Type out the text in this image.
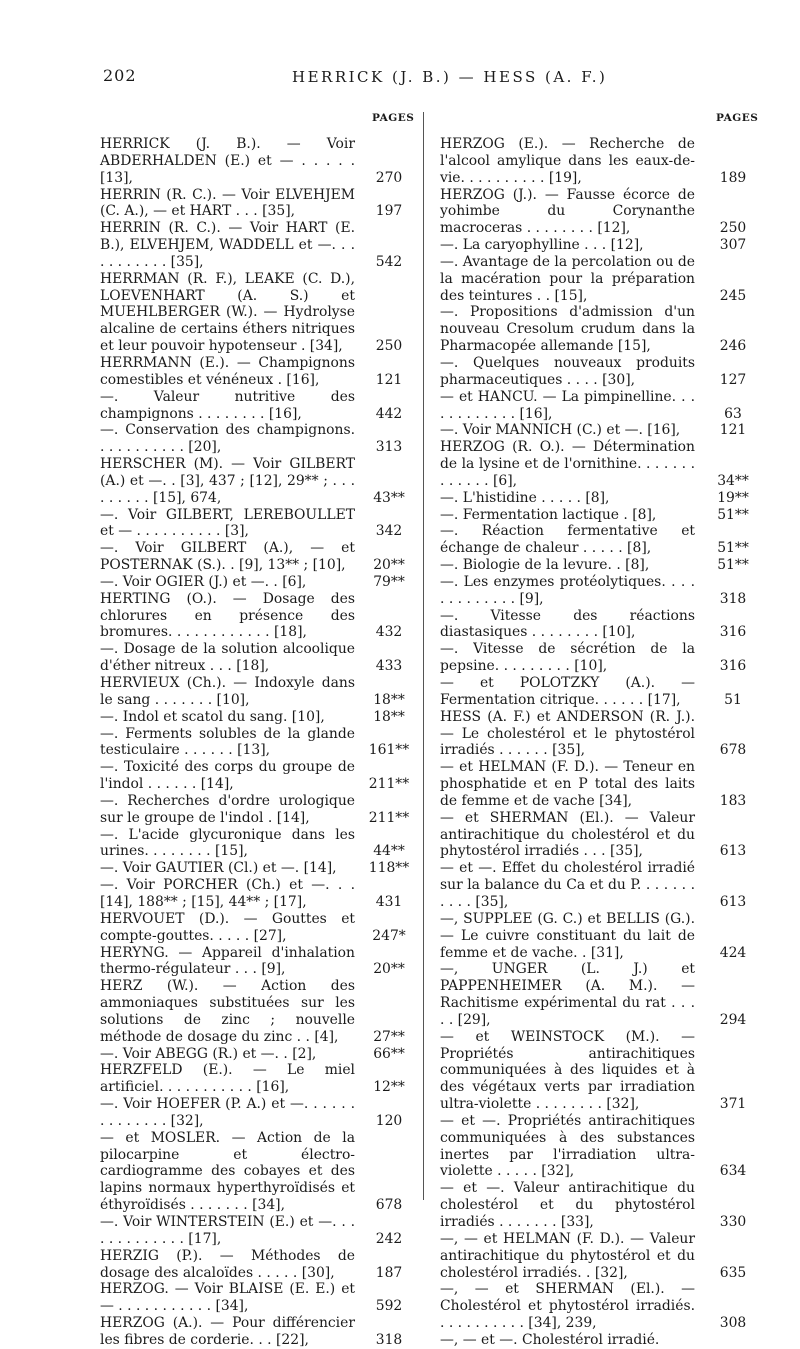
202	HERRICK (J. B.) — HESS (A. F.)
PAGES
HERRICK (J. B.). — Voir ABDERHALDEN (E.) et — . . . . . [13],	270
HERRIN (R. C.). — Voir ELVEHJEM (C. A.), — et HART . . . [35],	197
HERRIN (R. C.). — Voir HART (E. B.), ELVEHJEM, WADDELL et —. . . . . . . . . . . [35],	542
HERRMAN (R. F.), LEAKE (C. D.), LOEVENHART (A. S.) et MUEHLBERGER (W.). — Hydrolyse alcaline de certains éthers nitriques et leur pouvoir hypotenseur . [34],	250
HERRMANN (E.). — Champignons comestibles et vénéneux . [16],	121
—. Valeur nutritive des champignons . . . . . . . . [16],	442
—. Conservation des champignons. . . . . . . . . . . [20],	313
HERSCHER (M). — Voir GILBERT (A.) et —. . [3], 437 ; [12], 29** ; . . . . . . . . . [15], 674,	43**
—. Voir GILBERT, LEREBOULLET et — . . . . . . . . . . [3],	342
—. Voir GILBERT (A.), — et POSTERNAK (S.). . [9], 13** ; [10],	20**
—. Voir OGIER (J.) et —. . [6],	79**
HERTING (O.). — Dosage des chlorures en présence des bromures. . . . . . . . . . . . [18],	432
—. Dosage de la solution alcoolique d'éther nitreux . . . [18],	433
HERVIEUX (Ch.). — Indoxyle dans le sang . . . . . . . [10],	18**
—. Indol et scatol du sang. [10],	18**
—. Ferments solubles de la glande testiculaire . . . . . . [13],	161**
—. Toxicité des corps du groupe de l'indol . . . . . . [14],	211**
—. Recherches d'ordre urologique sur le groupe de l'indol . [14],	211**
—. L'acide glycuronique dans les urines. . . . . . . . [15],	44**
—. Voir GAUTIER (Cl.) et —. [14],	118**
—. Voir PORCHER (Ch.) et —. . . [14], 188** ; [15], 44** ; [17],	431
HERVOUET (D.). — Gouttes et compte-gouttes. . . . . [27],	247*
HERYNG. — Appareil d'inhalation thermo-régulateur . . . [9],	20**
HERZ (W.). — Action des ammoniaques substituées sur les solutions de zinc ; nouvelle méthode de dosage du zinc . . [4],	27**
—. Voir ABEGG (R.) et —. . [2],	66**
HERZFELD (E.). — Le miel artificiel. . . . . . . . . . . [16],	12**
—. Voir HOEFER (P. A.) et —. . . . . . . . . . . . . . [32],	120
— et MOSLER. — Action de la pilocarpine et électro-cardiogramme des cobayes et des lapins normaux hyperthyroïdisés et éthyroïdisés . . . . . . . [34],	678
—. Voir WINTERSTEIN (E.) et —. . . . . . . . . . . . . [17],	242
HERZIG (P.). — Méthodes de dosage des alcaloïdes . . . . . [30],	187
HERZOG. — Voir BLAISE (E. E.) et — . . . . . . . . . . . [34],	592
HERZOG (A.). — Pour différencier les fibres de corderie. . . [22],	318
PAGES
HERZOG (E.). — Recherche de l'alcool amylique dans les eaux-de-vie. . . . . . . . . . [19],	189
HERZOG (J.). — Fausse écorce de yohimbe du Corynanthe macroceras . . . . . . . . [12],	250
—. La caryophylline . . . [12],	307
—. Avantage de la percolation ou de la macération pour la préparation des teintures . . [15],	245
—. Propositions d'admission d'un nouveau Cresolum crudum dans la Pharmacopée allemande [15],	246
—. Quelques nouveaux produits pharmaceutiques . . . . [30],	127
— et HANCU. — La pimpinelline. . . . . . . . . . . . [16],	63
—. Voir MANNICH (C.) et —. [16],	121
HERZOG (R. O.). — Détermination de la lysine et de l'ornithine. . . . . . . . . . . . . [6],	34**
—. L'histidine . . . . . [8],	19**
—. Fermentation lactique . [8],	51**
—. Réaction fermentative et échange de chaleur . . . . . [8],	51**
—. Biologie de la levure. . [8],	51**
—. Les enzymes protéolytiques. . . . . . . . . . . . . [9],	318
—. Vitesse des réactions diastasiques . . . . . . . . [10],	316
—. Vitesse de sécrétion de la pepsine. . . . . . . . . [10],	316
— et POLOTZKY (A.). — Fermentation citrique. . . . . . [17],	51
HESS (A. F.) et ANDERSON (R. J.). — Le cholestérol et le phytostérol irradiés . . . . . . [35],	678
— et HELMAN (F. D.). — Teneur en phosphatide et en P total des laits de femme et de vache [34],	183
— et SHERMAN (El.). — Valeur antirachitique du cholestérol et du phytostérol irradiés . . . [35],	613
— et —. Effet du cholestérol irradié sur la balance du Ca et du P. . . . . . . . . . . [35],	613
—, SUPPLEE (G. C.) et BELLIS (G.). — Le cuivre constituant du lait de femme et de vache. . [31],	424
—, UNGER (L. J.) et PAPPENHEIMER (A. M.). — Rachitisme expérimental du rat . . . . . [29],	294
— et WEINSTOCK (M.). — Propriétés antirachitiques communiquées à des liquides et à des végétaux verts par irradiation ultra-violette . . . . . . . . [32],	371
— et —. Propriétés antirachitiques communiquées à des substances inertes par l'irradiation ultra-violette . . . . . [32],	634
— et —. Valeur antirachitique du cholestérol et du phytostérol irradiés . . . . . . . [33],	330
—, — et HELMAN (F. D.). — Valeur antirachitique du phytostérol et du cholestérol irradiés. . [32],	635
—, — et SHERMAN (El.). — Cholestérol et phytostérol irradiés. . . . . . . . . . . [34], 239,	308
—, — et —. Cholestérol irradié.
